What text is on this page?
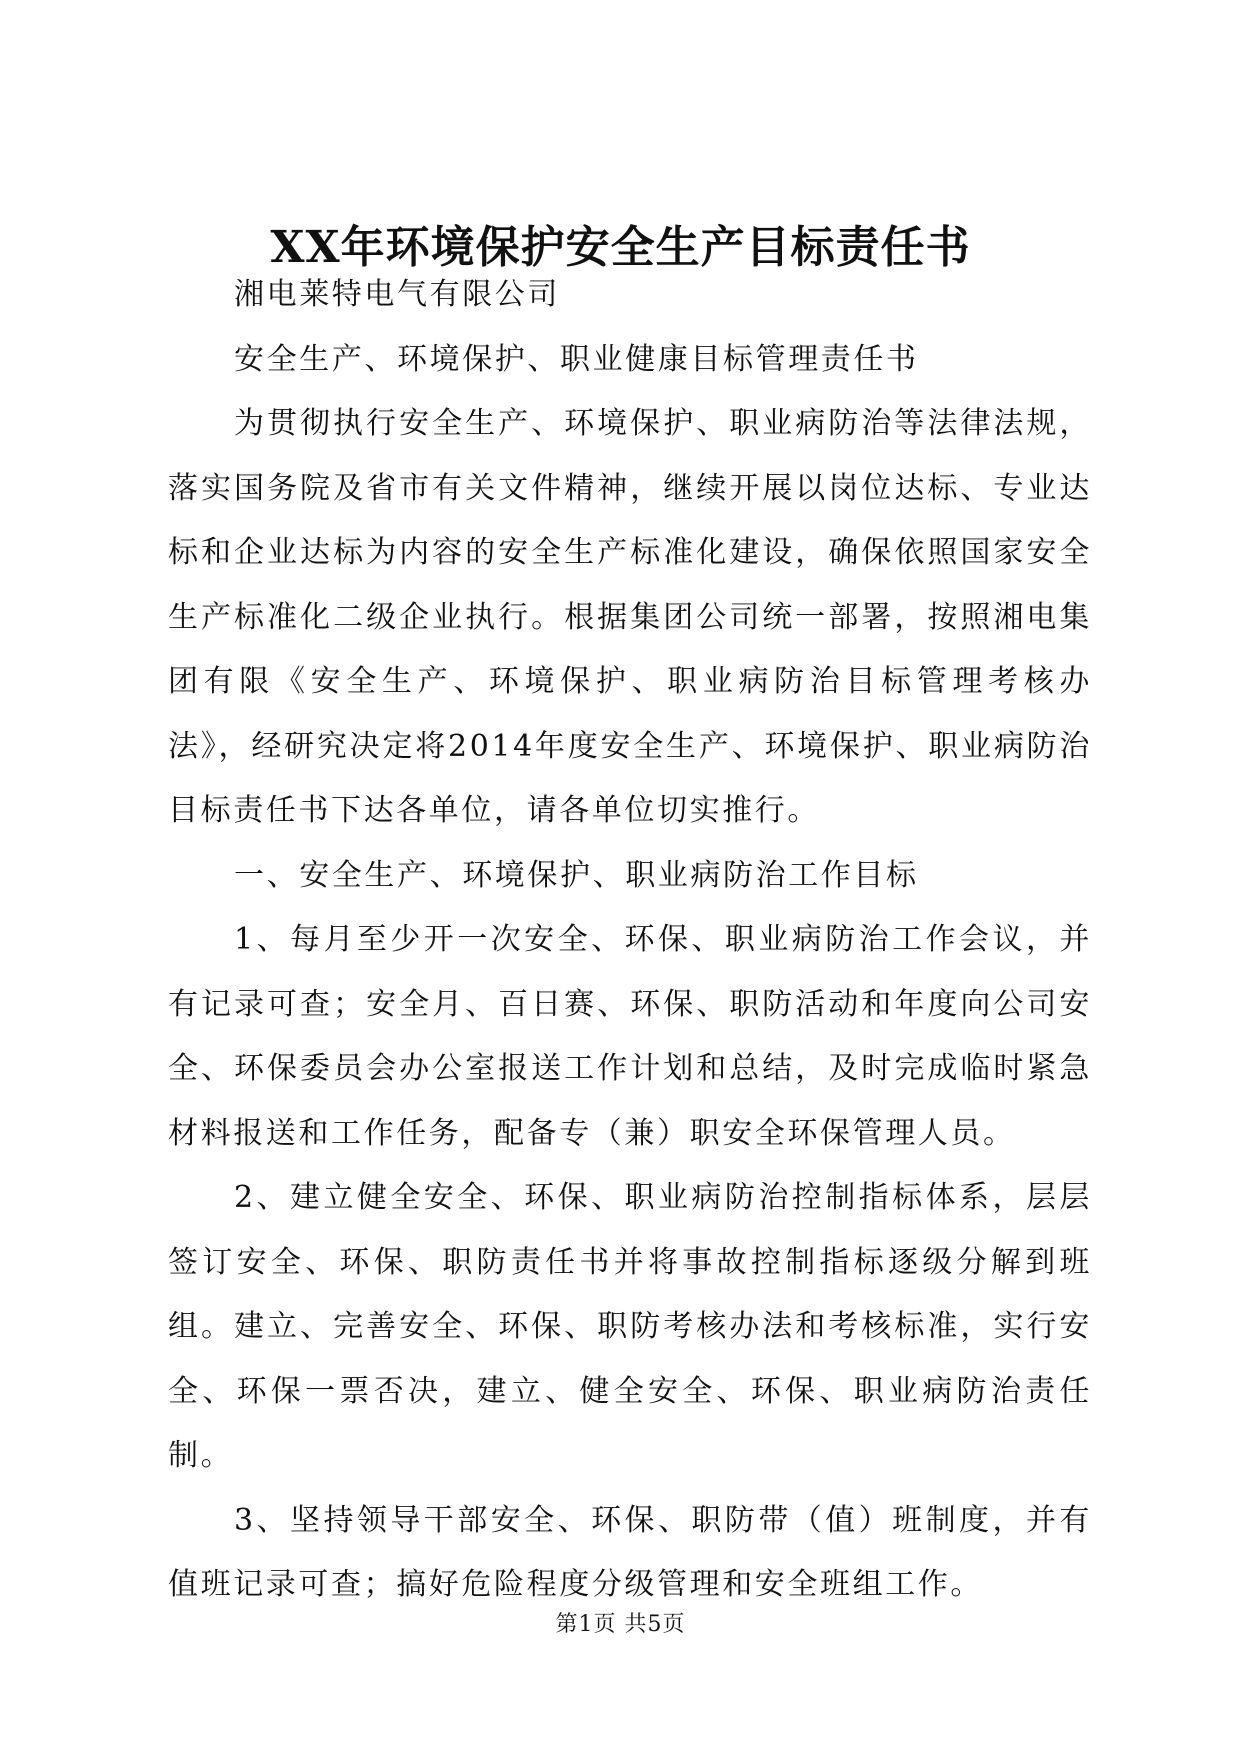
XX年环境保护安全生产目标责任书

湘电莱特电气有限公司

安全生产、环境保护、职业健康目标管理责任书

为贯彻执行安全生产、环境保护、职业病防治等法律法规，落实国务院及省市有关文件精神，继续开展以岗位达标、专业达标和企业达标为内容的安全生产标准化建设，确保依照国家安全生产标准化二级企业执行。根据集团公司统一部署，按照湘电集团有限《安全生产、环境保护、职业病防治目标管理考核办法》，经研究决定将2014年度安全生产、环境保护、职业病防治目标责任书下达各单位，请各单位切实推行。

一、安全生产、环境保护、职业病防治工作目标

1、每月至少开一次安全、环保、职业病防治工作会议，并有记录可查；安全月、百日赛、环保、职防活动和年度向公司安全、环保委员会办公室报送工作计划和总结，及时完成临时紧急材料报送和工作任务，配备专（兼）职安全环保管理人员。

2、建立健全安全、环保、职业病防治控制指标体系，层层签订安全、环保、职防责任书并将事故控制指标逐级分解到班组。建立、完善安全、环保、职防考核办法和考核标准，实行安全、环保一票否决，建立、健全安全、环保、职业病防治责任制。

3、坚持领导干部安全、环保、职防带（值）班制度，并有值班记录可查；搞好危险程度分级管理和安全班组工作。

第1页 共5页
